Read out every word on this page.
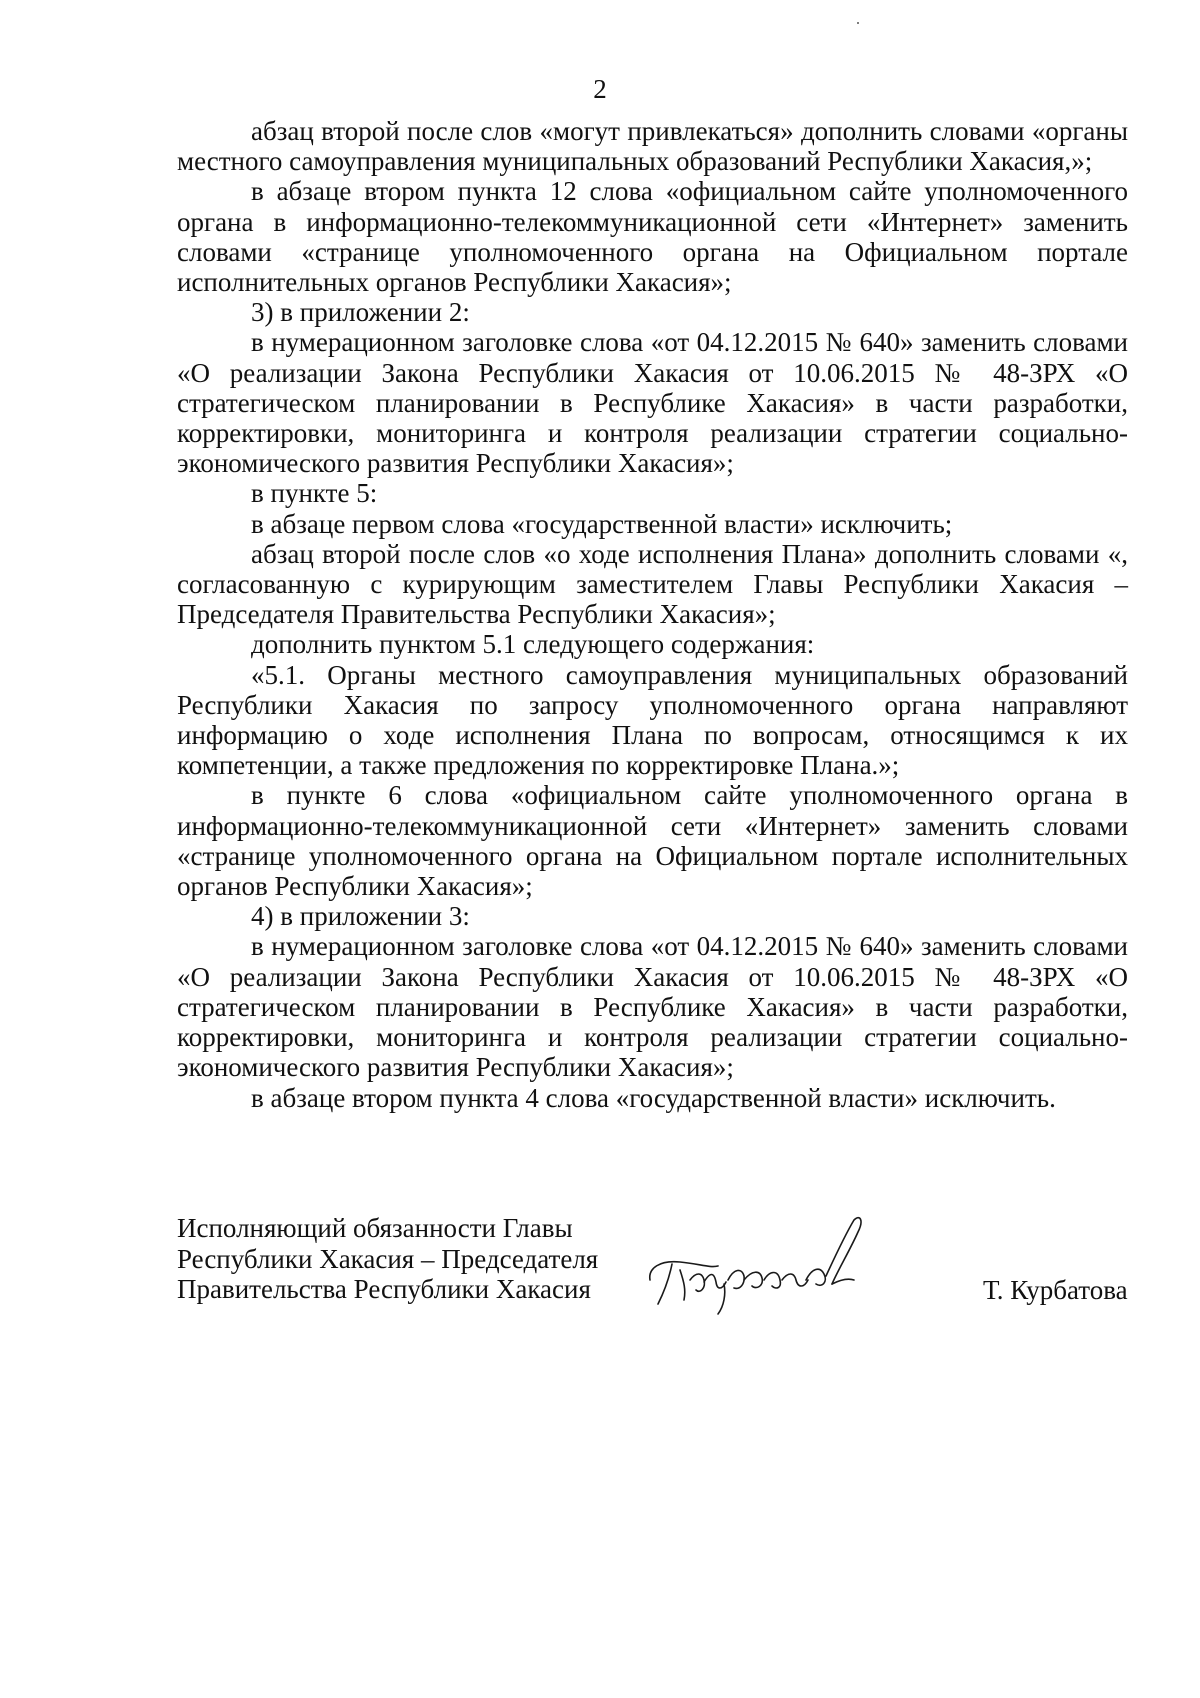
2

абзац второй после слов «могут привлекаться» дополнить словами «органы местного самоуправления муниципальных образований Республики Хакасия,»;

в абзаце втором пункта 12 слова «официальном сайте уполномоченного органа в информационно-телекоммуникационной сети «Интернет» заменить словами «странице уполномоченного органа на Официальном портале исполнительных органов Республики Хакасия»;

3) в приложении 2:

в нумерационном заголовке слова «от 04.12.2015 № 640» заменить словами «О реализации Закона Республики Хакасия от 10.06.2015 № 48-ЗРХ «О стратегическом планировании в Республике Хакасия» в части разработки, корректировки, мониторинга и контроля реализации стратегии социально-экономического развития Республики Хакасия»;

в пункте 5:

в абзаце первом слова «государственной власти» исключить;

абзац второй после слов «о ходе исполнения Плана» дополнить словами «, согласованную с курирующим заместителем Главы Республики Хакасия – Председателя Правительства Республики Хакасия»;

дополнить пунктом 5.1 следующего содержания:

«5.1. Органы местного самоуправления муниципальных образований Республики Хакасия по запросу уполномоченного органа направляют информацию о ходе исполнения Плана по вопросам, относящимся к их компетенции, а также предложения по корректировке Плана.»;

в пункте 6 слова «официальном сайте уполномоченного органа в информационно-телекоммуникационной сети «Интернет» заменить словами «странице уполномоченного органа на Официальном портале исполнительных органов Республики Хакасия»;

4) в приложении 3:

в нумерационном заголовке слова «от 04.12.2015 № 640» заменить словами «О реализации Закона Республики Хакасия от 10.06.2015 № 48-ЗРХ «О стратегическом планировании в Республике Хакасия» в части разработки, корректировки, мониторинга и контроля реализации стратегии социально-экономического развития Республики Хакасия»;

в абзаце втором пункта 4 слова «государственной власти» исключить.

Исполняющий обязанности Главы
Республики Хакасия – Председателя
Правительства Республики Хакасия	Т. Курбатова
